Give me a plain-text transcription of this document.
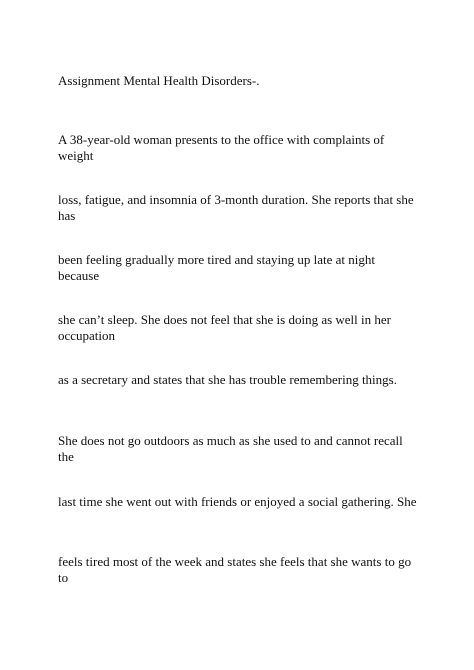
Assignment Mental Health Disorders-.

A 38-year-old woman presents to the office with complaints of weight

loss, fatigue, and insomnia of 3-month duration. She reports that she has

been feeling gradually more tired and staying up late at night because

she can’t sleep. She does not feel that she is doing as well in her occupation

as a secretary and states that she has trouble remembering things.

She does not go outdoors as much as she used to and cannot recall the

last time she went out with friends or enjoyed a social gathering. She

feels tired most of the week and states she feels that she wants to go to
